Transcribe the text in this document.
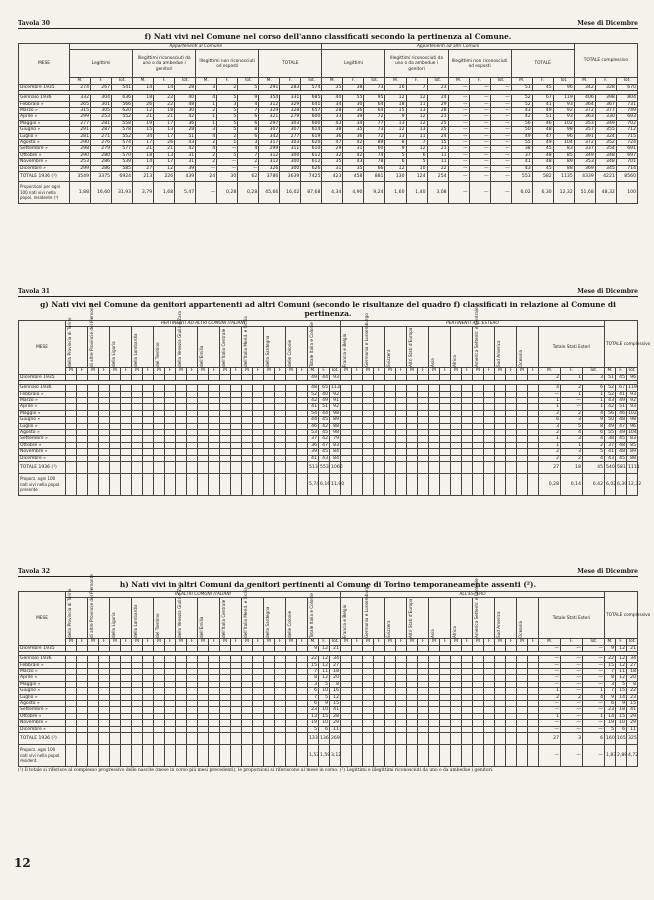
Tavola 30	Mese di Dicembre
f) Nati vivi nel Comune nel corso dell'anno classificati secondo la pertinenza al Comune.
MESE	Appartenenti al Comune												Appartenenti ad altri Comuni												TOTALE complessivo		
	Legittimi			Illegittimi riconosciuti da uno o da ambedue i genitori			Illegittimi non riconosciuti od esposti			TOTALE			Legittimi			Illegittimi riconosciuti da uno o da ambedue i genitori			Illegittimi non riconosciuti od esposti			TOTALE					
	M.	F.	Tot.	M.	F.	Tot.	M.	F.	Tot.	M.	F.	Tot.	M.	F.	Tot.	M.	F.	Tot.	M.	F.	Tot.	M.	F.	Tot.	M.	F.	Tot.
Dicembre 1935	274	267	541	14	14	28	3	2	5	291	283	574	35	38	73	16	7	23	—	—	—	51	45	96	342	328	670

Gennaio 1936	332	304	636	18	22	40	4	5	9	354	331	685	40	55	95	12	12	24	—	—	—	52	67	119	406	398	804
Febbraio »	265	301	566	26	22	48	1	3	4	312	329	641	34	30	64	18	11	29	—	—	—	52	41	93	364	367	731
Marzo »	315	305	620	12	18	30	2	5	7	329	328	657	28	36	64	15	13	28	—	—	—	43	49	92	372	377	749
Aprile »	299	253	552	21	21	42	1	5	6	321	279	600	33	39	72	9	12	21	—	—	—	42	51	93	363	330	693
Maggio »	277	281	558	19	17	36	1	5	6	297	303	600	43	34	77	13	12	25	—	—	—	56	46	102	353	349	702
Giugno »	291	287	578	15	13	28	3	5	8	307	307	614	38	35	73	12	13	25	—	—	—	50	48	98	357	355	712
Luglio »	281	271	552	34	17	51	4	2	6	342	277	619	36	36	72	13	11	24	—	—	—	49	47	96	391	324	715
Agosto »	290	276	574	17	26	43	2	1	3	317	303	620	47	42	89	8	7	15	—	—	—	55	49	104	372	352	724
Settembre »	298	279	577	21	21	42	4	—	4	299	311	610	29	31	60	9	12	21	—	—	—	38	45	83	337	354	691
Ottobre »	290	280	570	18	13	31	2	5	7	312	300	612	32	42	74	5	6	11	—	—	—	37	48	85	349	348	697
Novembre »	253	286	539	14	17	31	2	—	2	312	300	612	35	43	78	6	5	11	—	—	—	41	48	89	353	348	701
Dicembre »	299	286	585	27	12	39	—	—	—	326	300	626	31	35	66	12	10	22	—	—	—	43	45	88	369	345	714
TOTALE 1936 (¹)	3549	3375	6924	213	226	439	24	30	62	3786	3639	7425	423	458	881	130	124	254	—	—	—	553	582	1135	4339	4221	8560
Proporzioni per ogni 100 nati vivi nella popol. residente (¹)	1,88	16,60	31,93	3,79	1,68	5,47	—	0,28	0,28	45,66	16,02	87,68	4,34	4,90	9,24	1,60	1,40	3,08	—	—	—	6,02	6,30	12,32	51,68	48,32	100
Tavola 31	Mese di Dicembre
g) Nati vivi nel Comune da genitori appartenenti ad altri Comuni (secondo le risultanze del quadro f) classificati in relazione al Comune di pertinenza.
MESE	PERTINENTI AD ALTRI COMUNI ITALIANI																									PERTINENTI ALL'ESTERO																					TOTALE complessivo		

	della Provincia di Torino		di altre Provincie del Piemonte		della Liguria		della Lombardia		del Trentino		della Venezia Giulia e Zara		dell'Emilia		dell'Italia Centrale		dell'Italia Merid. e Sicilia		della Sardegna		delle Colonie		Totale Italia e Colonie			Francia e Belgio		Germania e Lussemburgo		Svizzera		Altri Stati d'Europa		Asia		Africa		America Settentr. e Centrale		Sud America		Oceania		Totale Stati Esteri					

	M	F	M	F	M	F	M	F	M	F	M	F	M	F	M	F	M	F	M	F	M	F	M.	F.	Tot.	M	F	M	F	M	F	M	F	M	F	M	F	M	F	M	F	M	F	M.	F.	Tot.	M.	F.	Tot.
Dicembre 1935																							49	44	93																			2	1	3	51	45	96

Gennaio 1936																							48	65	113																			4	2	6	52	67	119
Febbraio »																							52	40	92																			—	1	1	52	41	93
Marzo »																							42	49	91																			1	—	1	43	49	92
Aprile »																							41	51	92																			1	—	1	42	51	93
Maggio »																							54	44	98																			2	2	4	56	46	102
Giugno »																							44	45	89																			6	3	9	50	48	98
Luglio »																							46	42	88																			3	5	8	49	47	96
Agosto »																							53	45	98																			2	4	6	55	49	104
Settembre »																							37	42	79																			1	3	4	38	45	83
Ottobre »																							36	47	83																			1	1	2	37	48	85
Novembre »																							39	45	84																			2	3	5	41	48	89
Dicembre »																							41	43	84																			2	2	4	43	45	88
TOTALE 1936 (¹)																							513	553	1066																			27	18	45	540	581	1111
Proporz. ogni 100 nati vivi nella popol. presente																							5,74	6,16	11,90																			0,28	0,14	0,42	6,02	6,30	12,32
Tavola 32	Mese di Dicembre
h) Nati vivi in altri Comuni da genitori pertinenti al Comune di Torino temporaneamente assenti (²).
MESE	IN ALTRI COMUNI ITALIANI																									ALL'ESTERO																					TOTALE complessivo		

	della Provincia di Torino		di altre Provincie del Piemonte		della Liguria		della Lombardia		del Trentino		della Venezia Giulia e Zara		dell'Emilia		dell'Italia Centrale		dell'Italia Merid. e Sicilia		della Sardegna		delle Colonie		Totale Italia e Colonie			Francia e Belgio		Germania e Lussemburgo		Svizzera		Altri Stati d'Europa		Asia		Africa		America Settentr. e Centrale		Sud America		Oceania		Totale Stati Esteri					

	M	F	M	F	M	F	M	F	M	F	M	F	M	F	M	F	M	F	M	F	M	F	M.	F.	Tot.	M	F	M	F	M	F	M	F	M	F	M	F	M	F	M	F	M	F	M.	F.	Tot.	M.	F.	Tot.
Dicembre 1935																							9	12	21																			—	—	—	9	12	21

Gennaio 1936																							22	12	34																			—	—	—	22	12	34
Febbraio »																							15	12	27																			—	—	—	15	12	27
Marzo »																							7	11	18																			—	—	—	7	11	18
Aprile »																							8	12	20																			—	—	—	8	12	20
Maggio »																							3	5	8																			—	—	—	3	5	8
Giugno »																							6	10	16																			1	—	1	7	15	22
Luglio »																							7	5	12																			2	2	4	9	14	23
Agosto »																							6	9	15																			—	—	—	6	9	15
Settembre »																							23	10	41																			—	—	—	23	18	41
Ottobre »																							13	15	28																			1	—	1	14	15	29
Novembre »																							19	10	29																			—	—	—	19	10	29
Dicembre »																							5	6	11																			—	—	—	5	6	11
TOTALE 1936 (¹)																							133	136	269																			27	3	6	160	165	325
Proporz. ogni 100 nati vivi nella popol. resident.																							1,53	1,59	3,12																			—	—	—	1,83	2,89	4,72
(¹) Il totale si riferisce al complesso progressivo delle nascite (mese in corso più mesi precedenti), le proporzioni si riferiscono al mese in corso. (²) Legittimi e illegittimi riconosciuti da uno o da ambedue i genitori.
12
